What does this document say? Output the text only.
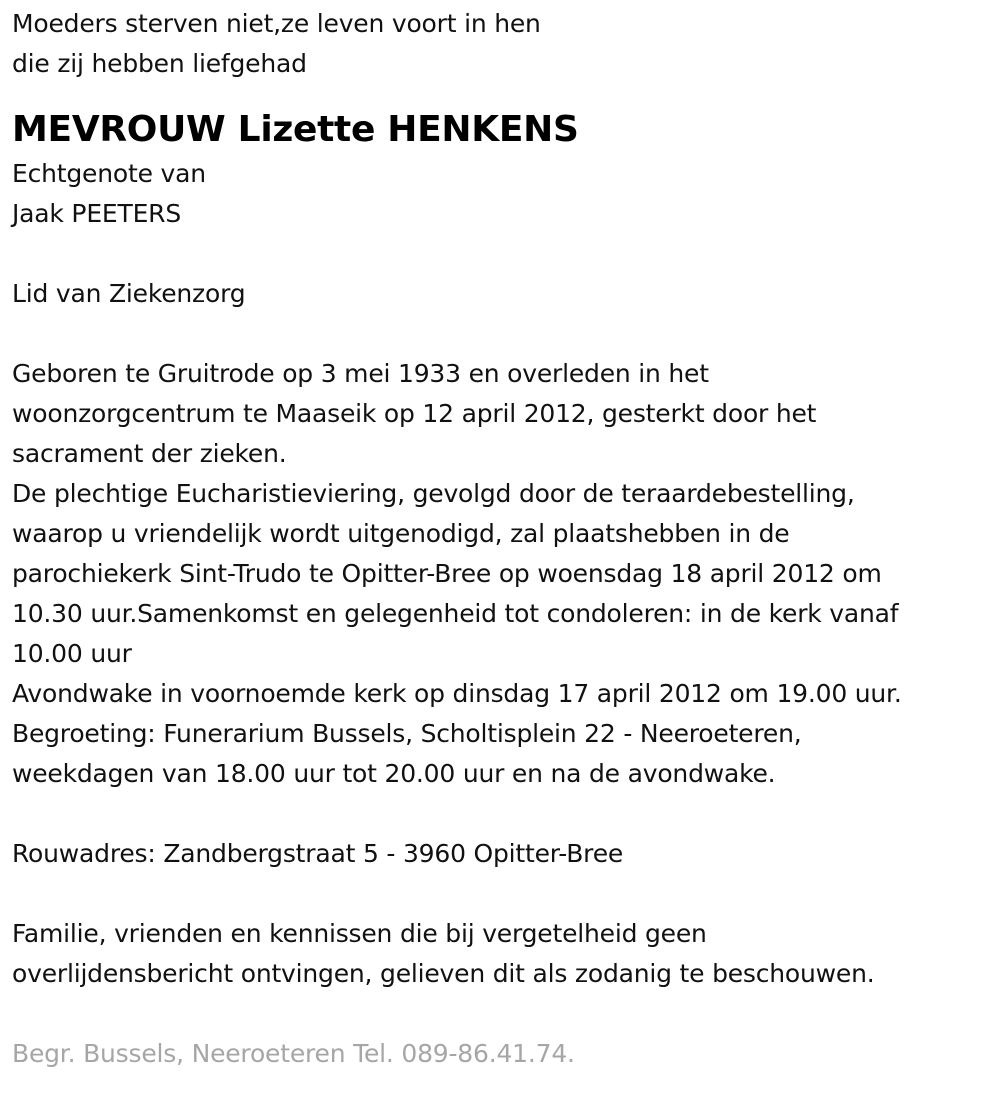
Moeders sterven niet,ze leven voort in hen
die zij hebben liefgehad
MEVROUW Lizette HENKENS
Echtgenote van
Jaak PEETERS
Lid van Ziekenzorg
Geboren te Gruitrode op 3 mei 1933 en overleden in het
woonzorgcentrum te Maaseik op 12 april 2012, gesterkt door het
sacrament der zieken.
De plechtige Eucharistieviering, gevolgd door de teraardebestelling,
waarop u vriendelijk wordt uitgenodigd, zal plaatshebben in de
parochiekerk Sint-Trudo te Opitter-Bree op woensdag 18 april 2012 om
10.30 uur.Samenkomst en gelegenheid tot condoleren: in de kerk vanaf
10.00 uur
Avondwake in voornoemde kerk op dinsdag 17 april 2012 om 19.00 uur.
Begroeting: Funerarium Bussels, Scholtisplein 22 - Neeroeteren,
weekdagen van 18.00 uur tot 20.00 uur en na de avondwake.
Rouwadres: Zandbergstraat 5 - 3960 Opitter-Bree
Familie, vrienden en kennissen die bij vergetelheid geen
overlijdensbericht ontvingen, gelieven dit als zodanig te beschouwen.
Begr. Bussels, Neeroeteren Tel. 089-86.41.74.
